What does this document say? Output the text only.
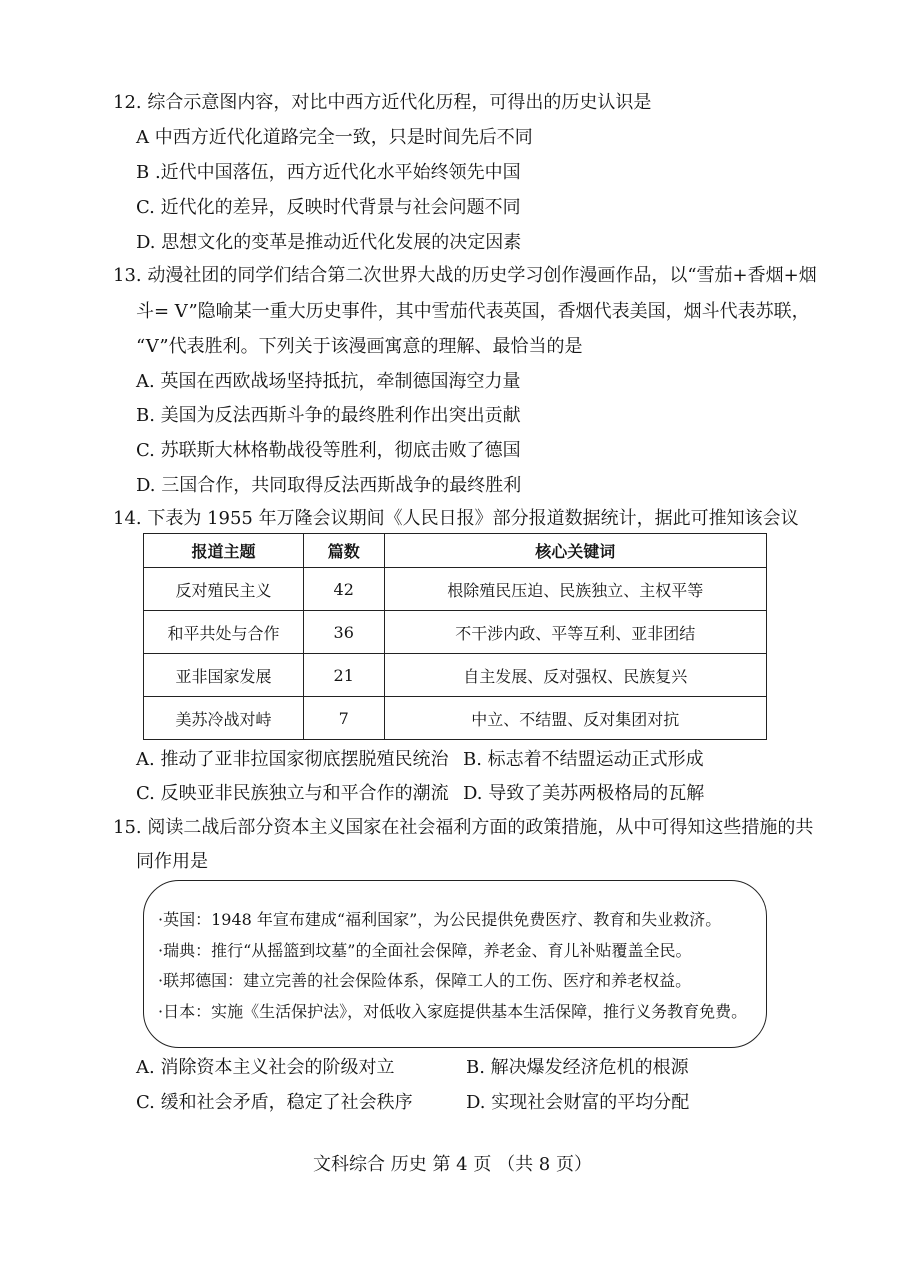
12. 综合示意图内容，对比中西方近代化历程，可得出的历史认识是
A 中西方近代化道路完全一致，只是时间先后不同
B .近代中国落伍，西方近代化水平始终领先中国
C. 近代化的差异，反映时代背景与社会问题不同
D. 思想文化的变革是推动近代化发展的决定因素
13. 动漫社团的同学们结合第二次世界大战的历史学习创作漫画作品，以“雪茄+香烟+烟
斗= V”隐喻某一重大历史事件，其中雪茄代表英国，香烟代表美国，烟斗代表苏联，
“V”代表胜利。下列关于该漫画寓意的理解、最恰当的是
A. 英国在西欧战场坚持抵抗，牵制德国海空力量
B. 美国为反法西斯斗争的最终胜利作出突出贡献
C. 苏联斯大林格勒战役等胜利，彻底击败了德国
D. 三国合作，共同取得反法西斯战争的最终胜利
14. 下表为 1955 年万隆会议期间《人民日报》部分报道数据统计，据此可推知该会议
报道主题	篇数	核心关键词
反对殖民主义	42	根除殖民压迫、民族独立、主权平等
和平共处与合作	36	不干涉内政、平等互利、亚非团结
亚非国家发展	21	自主发展、反对强权、民族复兴
美苏冷战对峙	7	中立、不结盟、反对集团对抗
A. 推动了亚非拉国家彻底摆脱殖民统治 B. 标志着不结盟运动正式形成
C. 反映亚非民族独立与和平合作的潮流 D. 导致了美苏两极格局的瓦解
15. 阅读二战后部分资本主义国家在社会福利方面的政策措施，从中可得知这些措施的共
同作用是
·英国：1948 年宣布建成“福利国家”，为公民提供免费医疗、教育和失业救济。
·瑞典：推行“从摇篮到坟墓”的全面社会保障，养老金、育儿补贴覆盖全民。
·联邦德国：建立完善的社会保险体系，保障工人的工伤、医疗和养老权益。
·日本：实施《生活保护法》，对低收入家庭提供基本生活保障，推行义务教育免费。
A. 消除资本主义社会的阶级对立	B. 解决爆发经济危机的根源
C. 缓和社会矛盾，稳定了社会秩序	D. 实现社会财富的平均分配
文科综合 历史 第 4 页 （共 8 页）
